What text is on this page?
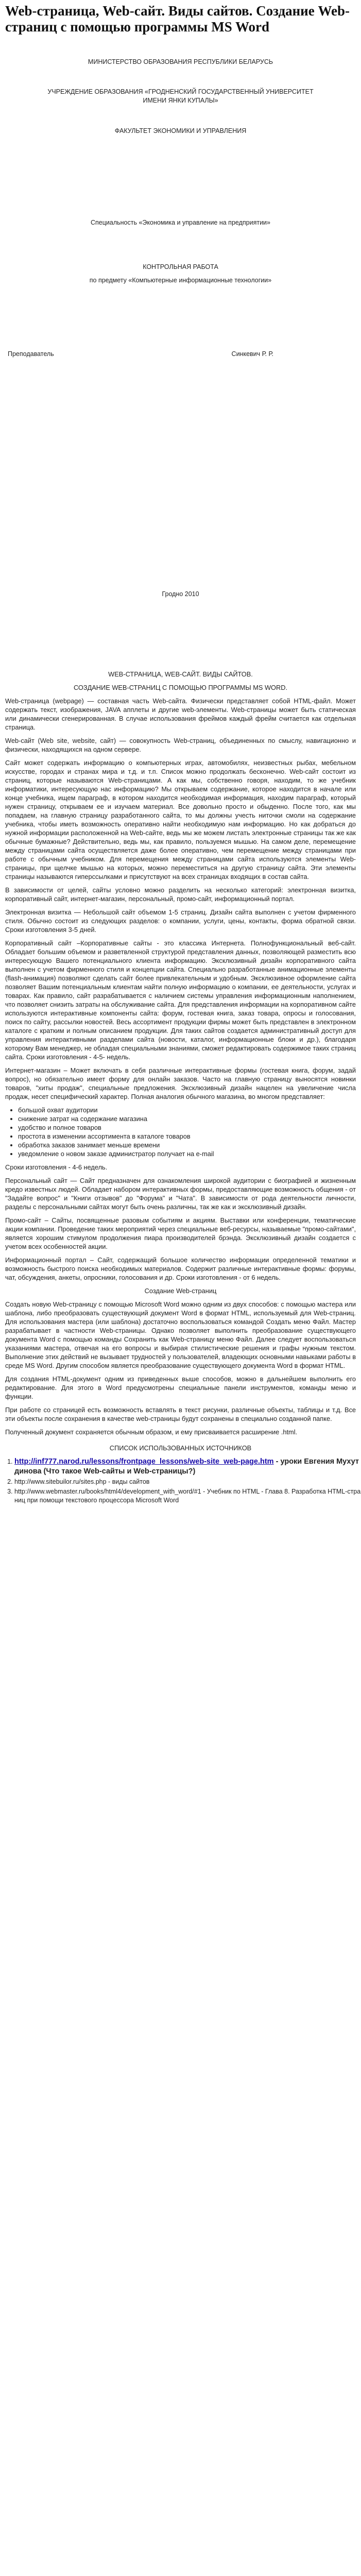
Web-страница, Web-сайт. Виды сайтов. Создание Web-страниц с помощью программы MS Word
МИНИСТЕРСТВО ОБРАЗОВАНИЯ РЕСПУБЛИКИ БЕЛАРУСЬ
УЧРЕЖДЕНИЕ ОБРАЗОВАНИЯ «ГРОДНЕНСКИЙ ГОСУДАРСТВЕННЫЙ УНИВЕРСИТЕТ ИМЕНИ ЯНКИ КУПАЛЫ»
ФАКУЛЬТЕТ ЭКОНОМИКИ И УПРАВЛЕНИЯ
Специальность «Экономика и управление на предприятии»
КОНТРОЛЬНАЯ РАБОТА
по предмету «Компьютерные информационные технологии»
Преподаватель	Синкевич Р. Р.
Гродно 2010

WEB-СТРАНИЦА, WEB-САЙТ. ВИДЫ САЙТОВ.

СОЗДАНИЕ WEB-СТРАНИЦ С ПОМОЩЬЮ ПРОГРАММЫ MS WORD.

Web-страница (webpage) — составная часть Web-сайта. Физически представляет собой HTML-файл. Может содержать текст, изображения, JAVA апплеты и другие web-элементы. Web-страницы может быть статическая или динамически сгенерированная. В случае использования фреймов каждый фрейм считается как отдельная страница.

Web-сайт (Web site, website, сайт) — совокупность Web-страниц, объединенных по смыслу, навигационно и физически, находящихся на одном сервере.

Сайт может содержать информацию о компьютерных играх, автомобилях, неизвестных рыбах, мебельном искусстве, городах и странах мира и т.д. и т.п. Список можно продолжать бесконечно. Web-сайт состоит из страниц, которые называются Web-страницами. А как мы, собственно говоря, находим, то же учебник информатики, интересующую нас информацию? Мы открываем содержание, которое находится в начале или конце учебника, ищем параграф, в котором находится необходимая информация, находим параграф, который нужен страницу, открываем ее и изучаем материал. Все довольно просто и обыденно. После того, как мы попадаем, на главную страницу разработанного сайта, то мы должны учесть ниточки смоли на содержание учебника, чтобы иметь возможность оперативно найти необходимую нам информацию. Но как добраться до нужной информации расположенной на Web-сайте, ведь мы же можем листать электронные страницы так же как обычные бумажные? Действительно, ведь мы, как правило, пользуемся мышью. На самом деле, перемещение между страницами сайта осуществляется даже более оперативно, чем перемещение между страницами при работе с обычным учебником. Для перемещения между страницами сайта используются элементы Web-страницы, при щелчке мышью на которых, можно переместиться на другую страницу сайта. Эти элементы страницы называются гиперссылками и присутствуют на всех страницах входящих в состав сайта.

В зависимости от целей, сайты условно можно разделить на несколько категорий: электронная визитка, корпоративный сайт, интернет-магазин, персональный, промо-сайт, информационный портал.

Электронная визитка — Небольшой сайт объемом 1-5 страниц. Дизайн сайта выполнен с учетом фирменного стиля. Обычно состоит из следующих разделов: о компании, услуги, цены, контакты, форма обратной связи. Сроки изготовления 3-5 дней.

Корпоративный сайт –Корпоративные сайты - это классика Интернета. Полнофункциональный веб-сайт. Обладает большим объемом и разветвленной структурой представления данных, позволяющей разместить всю интересующую Вашего потенциального клиента информацию. Эксклюзивный дизайн корпоративного сайта выполнен с учетом фирменного стиля и концепции сайта. Специально разработанные анимационные элементы (flash-анимация) позволяют сделать сайт более привлекательным и удобным. Эксклюзивное оформление сайта позволяет Вашим потенциальным клиентам найти полную информацию о компании, ее деятельности, услугах и товарах. Как правило, сайт разрабатывается с наличием системы управления информационным наполнением, что позволяет снизить затраты на обслуживание сайта. Для представления информации на корпоративном сайте используются интерактивные компоненты сайта: форум, гостевая книга, заказ товара, опросы и голосования, поиск по сайту, рассылки новостей. Весь ассортимент продукции фирмы может быть представлен в электронном каталоге с кратким и полным описанием продукции. Для таких сайтов создается административный доступ для управления интерактивными разделами сайта (новости, каталог, информационные блоки и др.), благодаря которому Вам менеджер, не обладая специальными знаниями, сможет редактировать содержимое таких страниц сайта. Сроки изготовления - 4-5- недель.

Интернет-магазин – Может включать в себя различные интерактивные формы (гостевая книга, форум, задай вопрос), но обязательно имеет форму для онлайн заказов. Часто на главную страницу выносятся новинки товаров, "хиты продаж", специальные предложения. Эксклюзивный дизайн нацелен на увеличение числа продаж, несет специфический характер. Полная аналогия обычного магазина, во многом представляет:

• большой охват аудитории
• снижение затрат на содержание магазина
• удобство и полное товаров
• простота в изменении ассортимента в каталоге товаров
• обработка заказов занимает меньше времени
• уведомление о новом заказе администратор получает на e-mail

Сроки изготовления - 4-6 недель.

Персональный сайт — Сайт предназначен для ознакомления широкой аудитории с биографией и жизненным кредо известных людей. Обладает набором интерактивных формы, предоставляющие возможность общения - от "Задайте вопрос" и "Книги отзывов" до "Форума" и "Чата". В зависимости от рода деятельности личности, разделы с персональными сайтах могут быть очень различны, так же как и эксклюзивный дизайн.

Промо-сайт – Сайты, посвященные разовым событиям и акциям. Выставки или конференции, тематические акции компании. Проведение таких мероприятий через специальные веб-ресурсы, называемые "промо-сайтами", является хорошим стимулом продолжения пиара производителей брэнда. Эксклюзивный дизайн создается с учетом всех особенностей акции.

Информационный портал – Сайт, содержащий большое количество информации определенной тематики и возможность быстрого поиска необходимых материалов. Содержит различные интерактивные формы: форумы, чат, обсуждения, анкеты, опросники, голосования и др. Сроки изготовления - от 6 недель.

Создание Web-страниц

Создать новую Web-страницу с помощью Microsoft Word можно одним из двух способов: с помощью мастера или шаблона, либо преобразовать существующий документ Word в формат HTML, используемый для Web-страниц. Для использования мастера (или шаблона) достаточно воспользоваться командой Создать меню Файл. Мастер разрабатывает в частности Web-страницы. Однако позволяет выполнить преобразование существующего документа Word с помощью команды Сохранить как Web-страницу меню Файл. Далее следует воспользоваться указаниями мастера, отвечая на его вопросы и выбирая стилистические решения и графы нужным текстом. Выполнение этих действий не вызывает трудностей у пользователей, владеющих основными навыками работы в среде MS Word. Другим способом является преобразование существующего документа Word в формат HTML.

Для создания HTML-документ одним из приведенных выше способов, можно в дальнейшем выполнить его редактирование. Для этого в Word предусмотрены специальные панели инструментов, команды меню и функции.

При работе со страницей есть возможность вставлять в текст рисунки, различные объекты, таблицы и т.д. Все эти объекты после сохранения в качестве web-страницы будут сохранены в специально созданной папке.

Полученный документ сохраняется обычным образом, и ему присваивается расширение .html.

СПИСОК ИСПОЛЬЗОВАННЫХ ИСТОЧНИКОВ

1. http://inf777.narod.ru/lessons/frontpage_lessons/web-site_web-page.htm - уроки Евгения Мухутдинова (Что такое Web-сайты и Web-страницы?)
2. http://www.sitebuilor.ru/sites.php - виды сайтов
3. http://www.webmaster.ru/books/html4/development_with_word/#1 - Учебник по HTML - Глава 8. Разработка HTML-страниц при помощи текстового процессора Microsoft Word
